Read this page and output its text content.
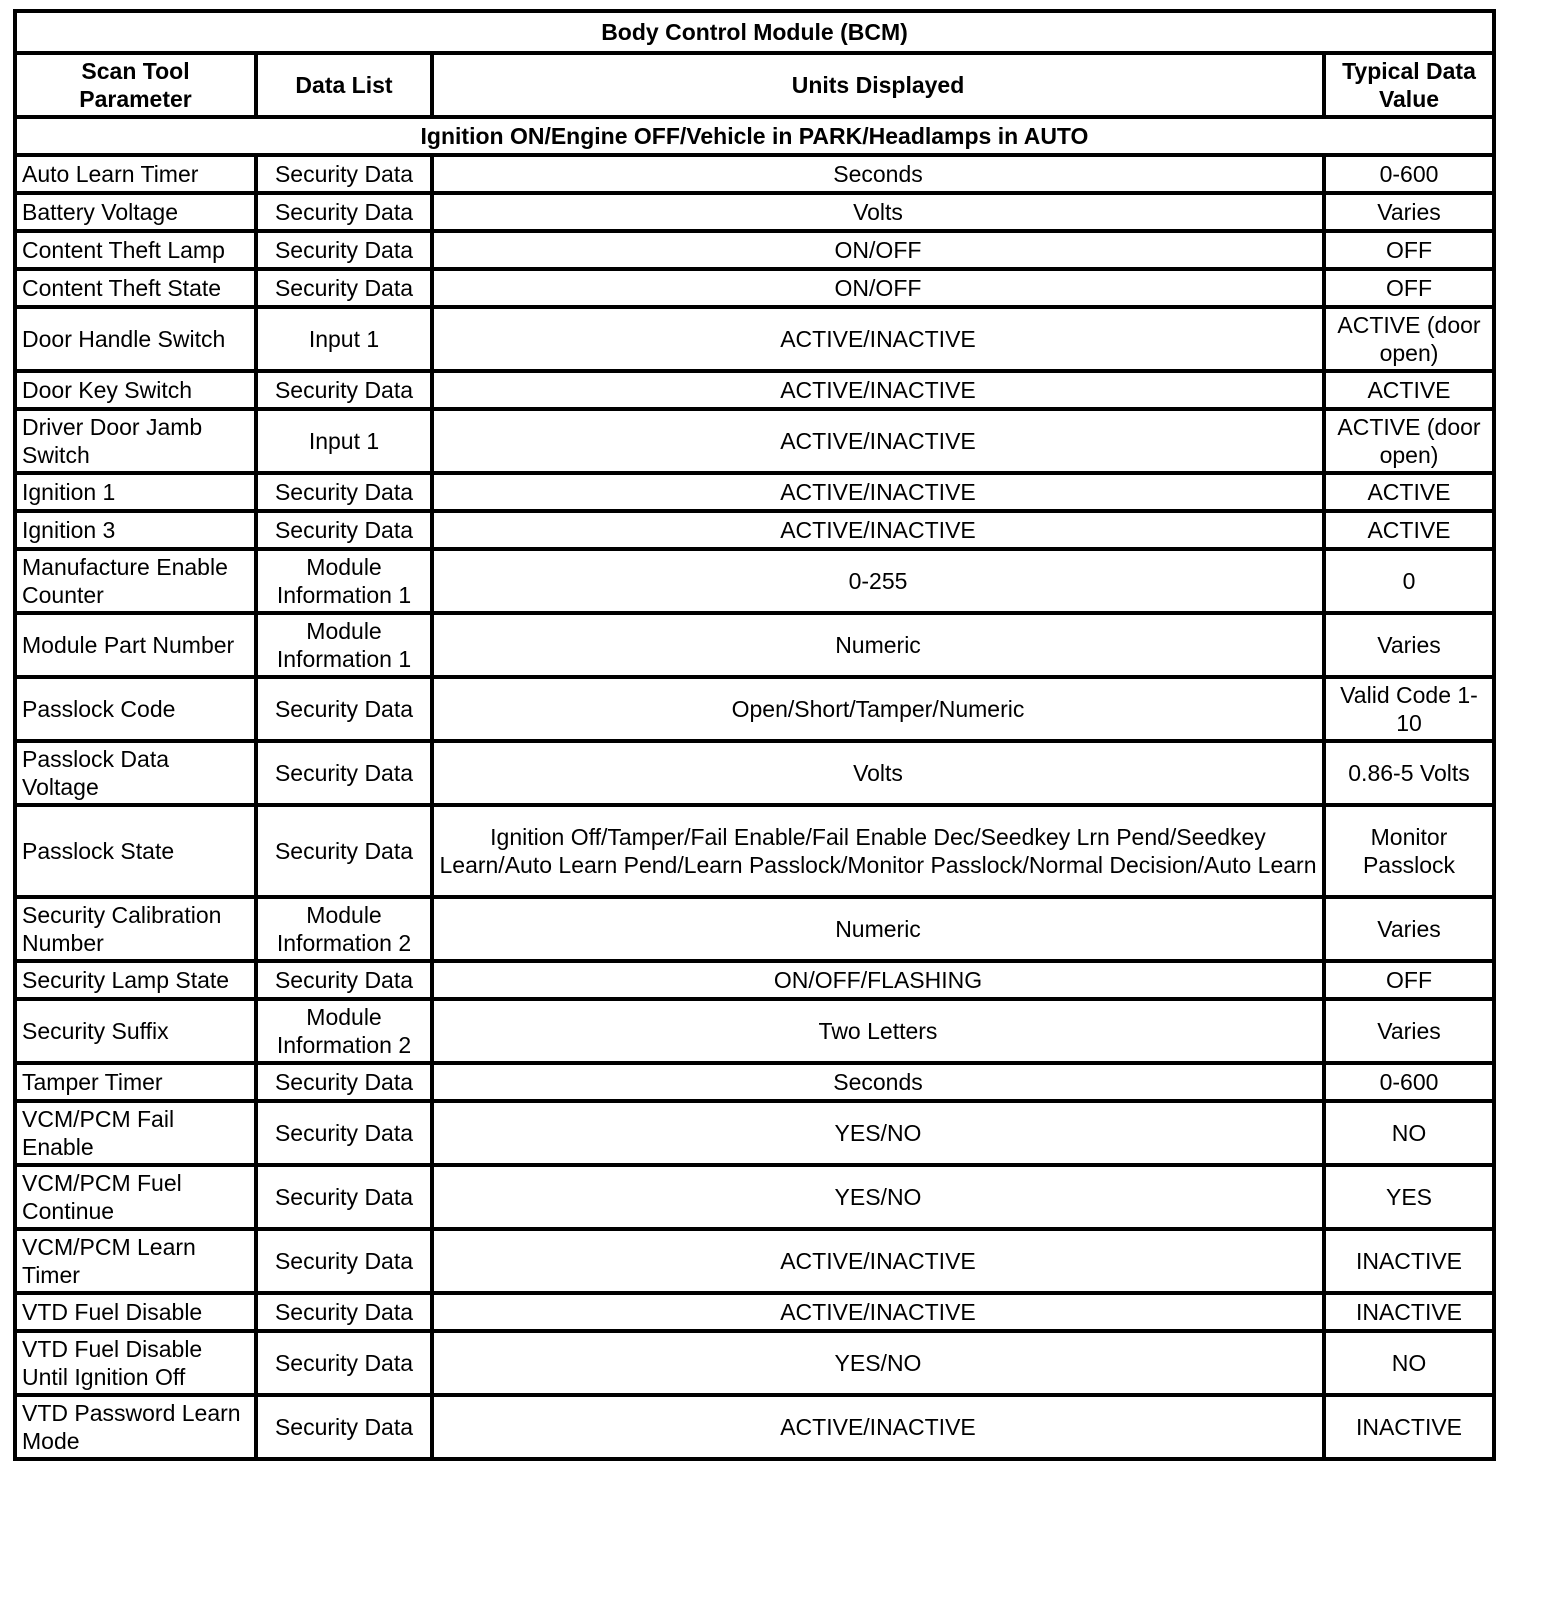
Body Control Module (BCM)			
Scan Tool Parameter	Data List	Units Displayed	Typical Data Value
Ignition ON/Engine OFF/Vehicle in PARK/Headlamps in AUTO			
Auto Learn Timer	Security Data	Seconds	0-600
Battery Voltage	Security Data	Volts	Varies
Content Theft Lamp	Security Data	ON/OFF	OFF
Content Theft State	Security Data	ON/OFF	OFF
Door Handle Switch	Input 1	ACTIVE/INACTIVE	ACTIVE (door open)
Door Key Switch	Security Data	ACTIVE/INACTIVE	ACTIVE
Driver Door Jamb Switch	Input 1	ACTIVE/INACTIVE	ACTIVE (door open)
Ignition 1	Security Data	ACTIVE/INACTIVE	ACTIVE
Ignition 3	Security Data	ACTIVE/INACTIVE	ACTIVE
Manufacture Enable Counter	Module Information 1	0-255	0
Module Part Number	Module Information 1	Numeric	Varies
Passlock Code	Security Data	Open/Short/Tamper/Numeric	Valid Code 1-10
Passlock Data Voltage	Security Data	Volts	0.86-5 Volts
Passlock State	Security Data	Ignition Off/Tamper/Fail Enable/Fail Enable Dec/Seedkey Lrn Pend/Seedkey Learn/Auto Learn Pend/Learn Passlock/Monitor Passlock/Normal Decision/Auto Learn	Monitor Passlock
Security Calibration Number	Module Information 2	Numeric	Varies
Security Lamp State	Security Data	ON/OFF/FLASHING	OFF
Security Suffix	Module Information 2	Two Letters	Varies
Tamper Timer	Security Data	Seconds	0-600
VCM/PCM Fail Enable	Security Data	YES/NO	NO
VCM/PCM Fuel Continue	Security Data	YES/NO	YES
VCM/PCM Learn Timer	Security Data	ACTIVE/INACTIVE	INACTIVE
VTD Fuel Disable	Security Data	ACTIVE/INACTIVE	INACTIVE
VTD Fuel Disable Until Ignition Off	Security Data	YES/NO	NO
VTD Password Learn Mode	Security Data	ACTIVE/INACTIVE	INACTIVE
